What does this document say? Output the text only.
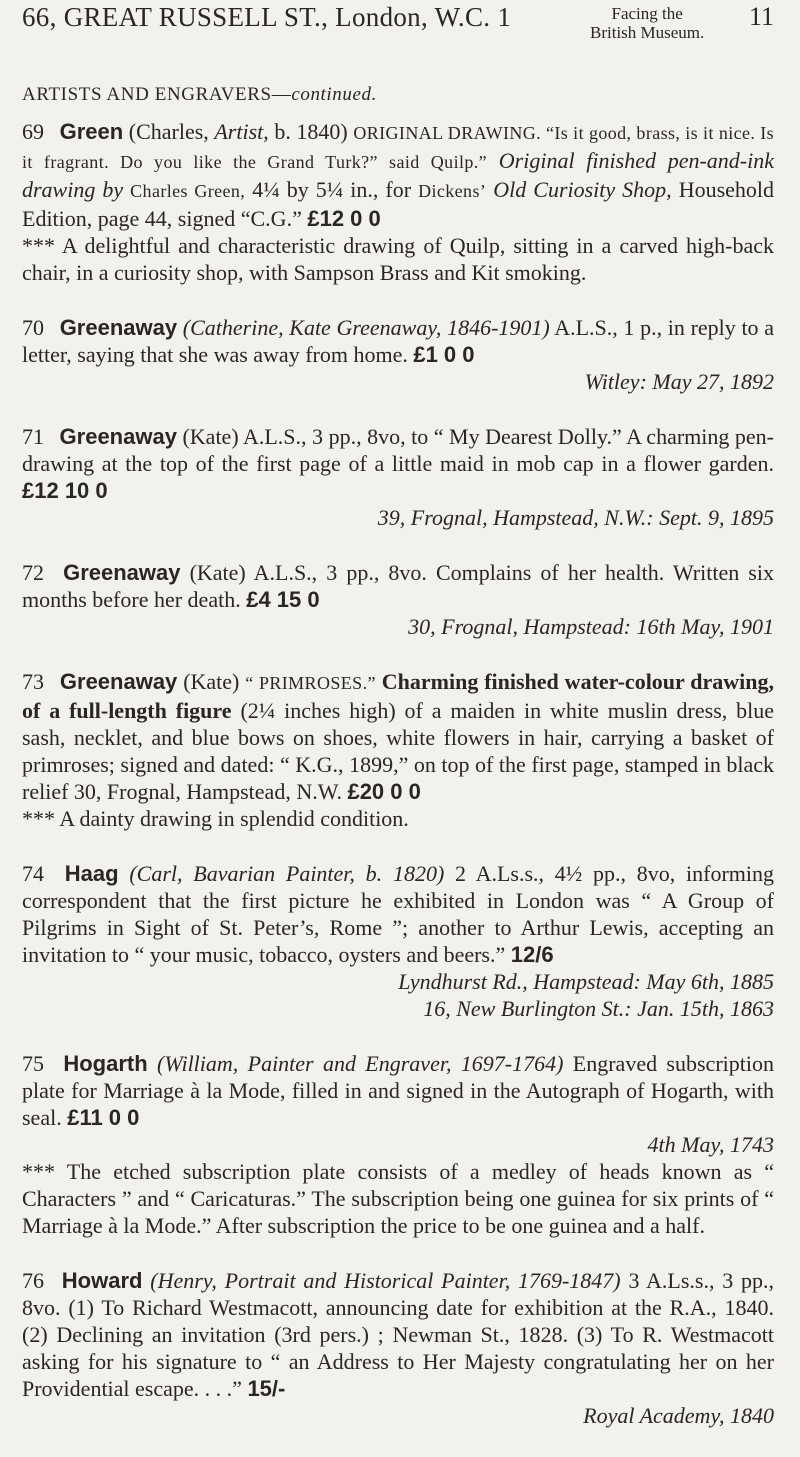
66, GREAT RUSSELL ST., London, W.C. 1	Facing the
British Museum.
11
ARTISTS AND ENGRAVERS—continued.
69 Green (Charles, Artist, b. 1840) ORIGINAL DRAWING. “Is it good, brass, is it nice. Is it fragrant. Do you like the Grand Turk?” said Quilp.” Original finished pen-and-ink drawing by Charles Green, 4¼ by 5¼ in., for Dickens’ Old Curiosity Shop, Household Edition, page 44, signed “C.G.” £12 0 0
*** A delightful and characteristic drawing of Quilp, sitting in a carved high-back chair, in a curiosity shop, with Sampson Brass and Kit smoking.
70 Greenaway (Catherine, Kate Greenaway, 1846-1901) A.L.S., 1 p., in reply to a letter, saying that she was away from home. £1 0 0
Witley: May 27, 1892
71 Greenaway (Kate) A.L.S., 3 pp., 8vo, to “ My Dearest Dolly.” A charming pen-drawing at the top of the first page of a little maid in mob cap in a flower garden. £12 10 0
39, Frognal, Hampstead, N.W.: Sept. 9, 1895
72 Greenaway (Kate) A.L.S., 3 pp., 8vo. Complains of her health. Written six months before her death. £4 15 0
30, Frognal, Hampstead: 16th May, 1901
73 Greenaway (Kate) “ PRIMROSES.” Charming finished water-colour drawing, of a full-length figure (2¼ inches high) of a maiden in white muslin dress, blue sash, necklet, and blue bows on shoes, white flowers in hair, carrying a basket of primroses; signed and dated: “ K.G., 1899,” on top of the first page, stamped in black relief 30, Frognal, Hampstead, N.W. £20 0 0
*** A dainty drawing in splendid condition.
74 Haag (Carl, Bavarian Painter, b. 1820) 2 A.Ls.s., 4½ pp., 8vo, informing correspondent that the first picture he exhibited in London was “ A Group of Pilgrims in Sight of St. Peter’s, Rome ”; another to Arthur Lewis, accepting an invitation to “ your music, tobacco, oysters and beers.” 12/6
Lyndhurst Rd., Hampstead: May 6th, 1885
16, New Burlington St.: Jan. 15th, 1863
75 Hogarth (William, Painter and Engraver, 1697-1764) Engraved subscription plate for Marriage à la Mode, filled in and signed in the Autograph of Hogarth, with seal. £11 0 0
4th May, 1743
*** The etched subscription plate consists of a medley of heads known as “ Characters ” and “ Caricaturas.” The subscription being one guinea for six prints of “ Marriage à la Mode.” After subscription the price to be one guinea and a half.
76 Howard (Henry, Portrait and Historical Painter, 1769-1847) 3 A.Ls.s., 3 pp., 8vo. (1) To Richard Westmacott, announcing date for exhibition at the R.A., 1840. (2) Declining an invitation (3rd pers.) ; Newman St., 1828. (3) To R. Westmacott asking for his signature to “ an Address to Her Majesty congratulating her on her Providential escape. . . .” 15/-
Royal Academy, 1840
